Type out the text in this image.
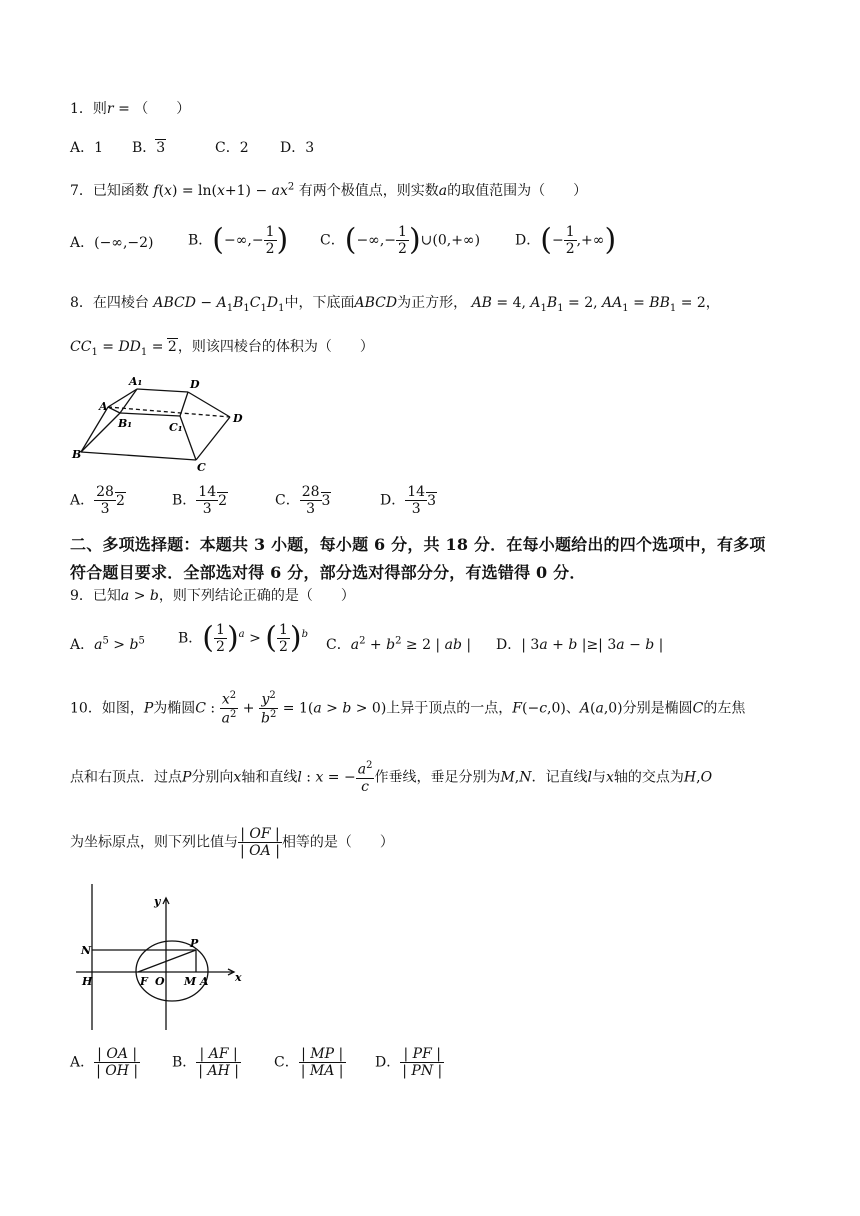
1．则r = （　　）
A．1 B．3	C．2 D．3
7．已知函数 $f(x) = \ln(x+1) - ax^2$ 有两个极值点，则实数a的取值范围为（　　）
A．(−∞,−2) B．(−∞,− $\frac{1}{2}$ ) C．(−∞,− $\frac{1}{2}$ )∪(0,+∞) D．(− $\frac{1}{2}$ ,+∞)
8．在四棱台 ABCD − $A_1B_1C_1D_1$中，下底面ABCD为正方形， AB = 4, $A_1B_1 = 2$, $AA_1 = BB_1 = 2$，
$CC_1 = DD_1 = 2$，则该四棱台的体积为（　　）
A₁	D
A
B₁	C₁
D
B
C
A． $\frac{28}{3} 2$	B． $\frac{14}{3} 2$	C． $\frac{28}{3} 3$	D． $\frac{14}{3} 3$
二、多项选择题：本题共 3 小题，每小题 6 分，共 18 分．在每小题给出的四个选项中，有多项
符合题目要求．全部选对得 6 分，部分选对得部分分，有选错得 0 分．
9．已知a > b，则下列结论正确的是（　　）
A．$a^5 > b^5$ B．( $\frac{1}{2} )^a$ > ( $\frac{1}{2} )^b$
C．$a^2 + b^2 \ge 2$ | ab | D．| 3a + b |≥| 3a − b |
10．如图，P为椭圆C : $\frac{x^2}{a^2} + \frac{y^2}{b^2} = 1(a > b > 0)$上异于顶点的一点，F(−c,0)、A(a,0)分别是椭圆C的左焦
点和右顶点．过点P分别向x轴和直线l : x = − $\frac{a^2}{c}$ 作垂线，垂足分别为M,N．记直线l与x轴的交点为H,O
为坐标原点，则下列比值与 $\frac{| OF |}{| OA |}$ 相等的是（　　）
y
N
P
H	F O M A x
A． $\frac{| OA |}{| OH |}$ B． $\frac{| AF |}{| AH |}$ C． $\frac{| MP |}{| MA |}$ D． $\frac{| PF |}{| PN |}$
